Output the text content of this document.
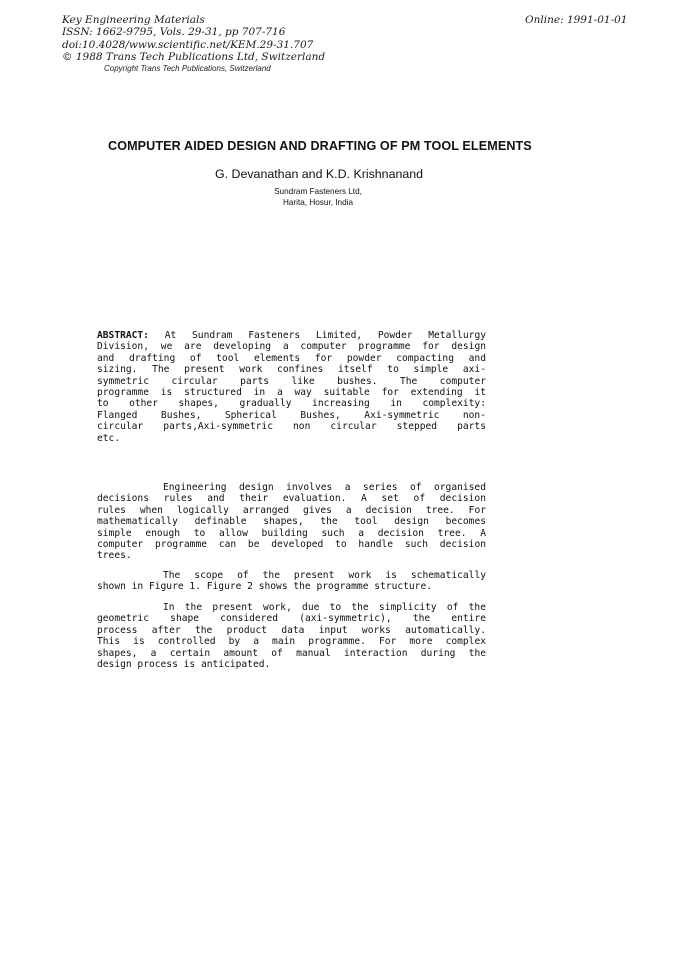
Key Engineering Materials
ISSN: 1662-9795, Vols. 29-31, pp 707-716
doi:10.4028/www.scientific.net/KEM.29-31.707
© 1988 Trans Tech Publications Ltd, Switzerland
Online: 1991-01-01
Copyright Trans Tech Publications, Switzerland
COMPUTER AIDED DESIGN AND DRAFTING OF PM TOOL ELEMENTS
G. Devanathan and K.D. Krishnanand
Sundram Fasteners Ltd,
Harita, Hosur, India
ABSTRACT: At Sundram Fasteners Limited, Powder Metallurgy
Division, we are developing a computer programme for design
and drafting of tool elements for powder compacting and
sizing. The present work confines itself to simple axi-
symmetric circular parts like bushes. The computer
programme is structured in a way suitable for extending it
to other shapes, gradually increasing in complexity:
Flanged Bushes, Spherical Bushes, Axi-symmetric non-
circular parts,Axi-symmetric non circular stepped parts
etc.
Engineering design involves a series of organised
decisions rules and their evaluation. A set of decision
rules when logically arranged gives a decision tree. For
mathematically definable shapes, the tool design becomes
simple enough to allow building such a decision tree. A
computer programme can be developed to handle such decision
trees.
The scope of the present work is schematically
shown in Figure 1. Figure 2 shows the programme structure.
In the present work, due to the simplicity of the
geometric shape considered (axi-symmetric), the entire
process after the product data input works automatically.
This is controlled by a main programme. For more complex
shapes, a certain amount of manual interaction during the
design process is anticipated.
